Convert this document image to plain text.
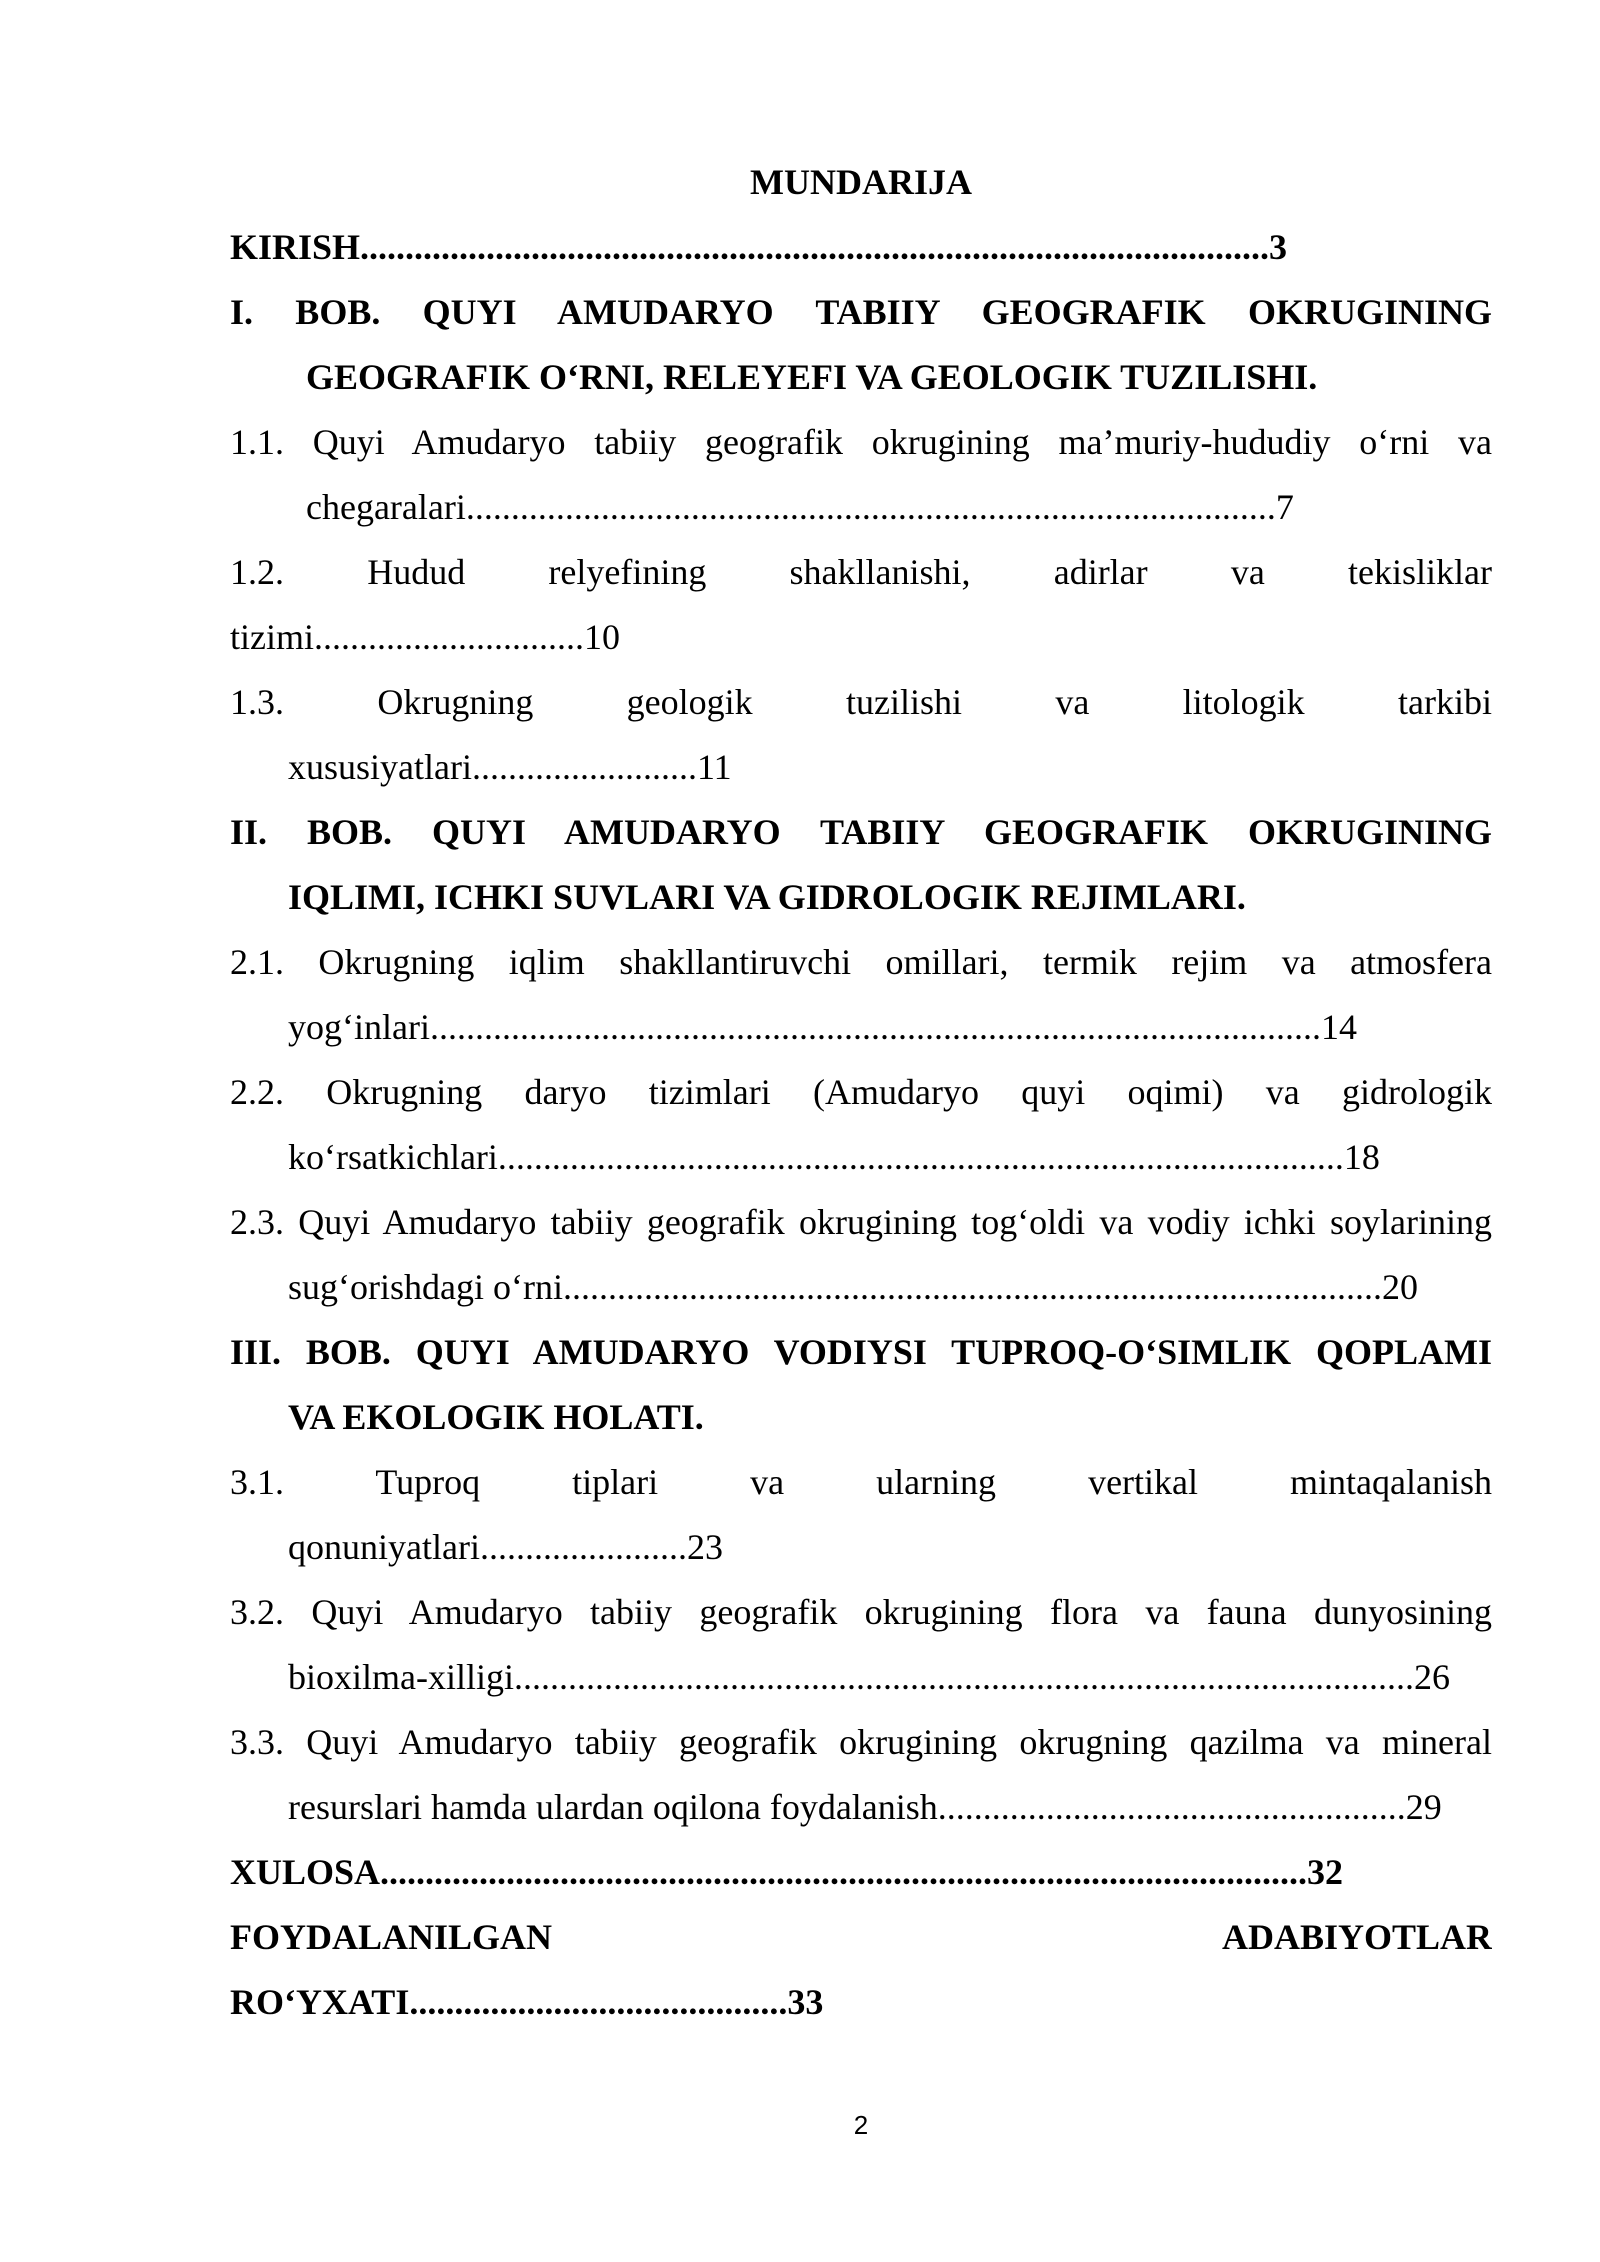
MUNDARIJA
KIRISH.....................................................................................................3
I. BOB. QUYI AMUDARYO TABIIY GEOGRAFIK OKRUGINING
GEOGRAFIK O‘RNI, RELEYEFI VA GEOLOGIK TUZILISHI.
1.1. Quyi Amudaryo tabiiy geografik okrugining ma’muriy-hududiy o‘rni va
chegaralari..........................................................................................7
1.2. Hudud relyefining shakllanishi, adirlar va tekisliklar
tizimi..............................10
1.3. Okrugning geologik tuzilishi va litologik tarkibi
xususiyatlari.........................11
II. BOB. QUYI AMUDARYO TABIIY GEOGRAFIK OKRUGINING
IQLIMI, ICHKI SUVLARI VA GIDROLOGIK REJIMLARI.
2.1. Okrugning iqlim shakllantiruvchi omillari, termik rejim va atmosfera
yog‘inlari...................................................................................................14
2.2. Okrugning daryo tizimlari (Amudaryo quyi oqimi) va gidrologik
ko‘rsatkichlari..............................................................................................18
2.3. Quyi Amudaryo tabiiy geografik okrugining tog‘oldi va vodiy ichki soylarining
sug‘orishdagi o‘rni...........................................................................................20
III. BOB. QUYI AMUDARYO VODIYSI TUPROQ-O‘SIMLIK QOPLAMI
VA EKOLOGIK HOLATI.
3.1. Tuproq tiplari va ularning vertikal mintaqalanish
qonuniyatlari.......................23
3.2. Quyi Amudaryo tabiiy geografik okrugining flora va fauna dunyosining
bioxilma-xilligi....................................................................................................26
3.3. Quyi Amudaryo tabiiy geografik okrugining okrugning qazilma va mineral
resurslari hamda ulardan oqilona foydalanish....................................................29
XULOSA.......................................................................................................32
FOYDALANILGAN ADABIYOTLAR
RO‘YXATI..........................................33
2
